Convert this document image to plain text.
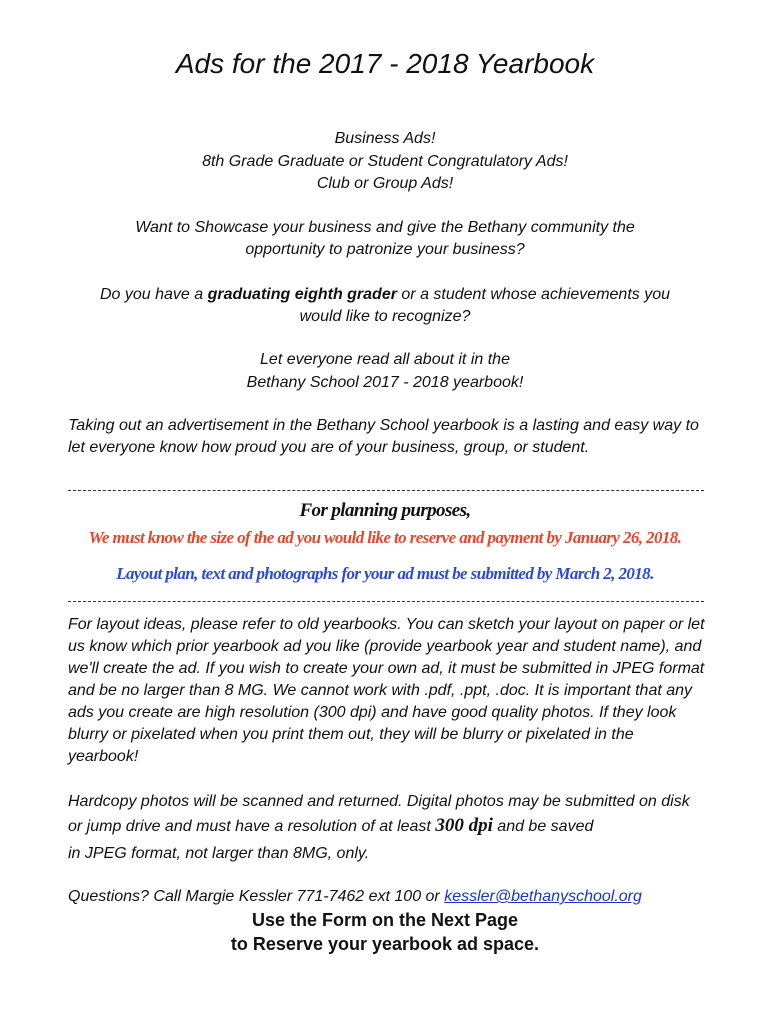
Ads for the 2017 - 2018 Yearbook
Business Ads!
8th Grade Graduate or Student Congratulatory Ads!
Club or Group Ads!
Want to Showcase your business and give the Bethany community the
opportunity to patronize your business?
Do you have a graduating eighth grader or a student whose achievements you
would like to recognize?
Let everyone read all about it in the
Bethany School 2017 - 2018 yearbook!
Taking out an advertisement in the Bethany School yearbook is a lasting and easy way to let everyone know how proud you are of your business, group, or student.
For planning purposes,
We must know the size of the ad you would like to reserve and payment by January 26, 2018.
Layout plan, text and photographs for your ad must be submitted by March 2, 2018.
For layout ideas, please refer to old yearbooks. You can sketch your layout on paper or let us know which prior yearbook ad you like (provide yearbook year and student name), and we'll create the ad. If you wish to create your own ad, it must be submitted in JPEG format and be no larger than 8 MG. We cannot work with .pdf, .ppt, .doc. It is important that any ads you create are high resolution (300 dpi) and have good quality photos. If they look blurry or pixelated when you print them out, they will be blurry or pixelated in the yearbook!
Hardcopy photos will be scanned and returned. Digital photos may be submitted on disk or jump drive and must have a resolution of at least 300 dpi and be saved
in JPEG format, not larger than 8MG, only.
Questions? Call Margie Kessler 771-7462 ext 100 or kessler@bethanyschool.org
Use the Form on the Next Page
to Reserve your yearbook ad space.
